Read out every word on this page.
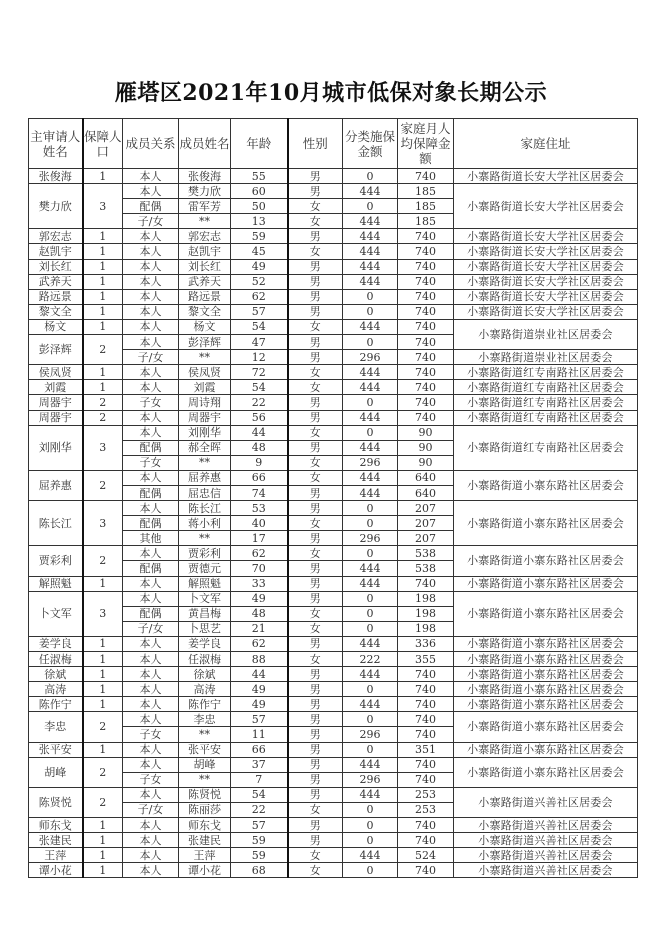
雁塔区2021年10月城市低保对象长期公示
主审请人姓名	保障人口	成员关系	成员姓名	年龄	性别	分类施保金额	家庭月人均保障金额	家庭住址
张俊海	1	本人	张俊海	55	男	0	740	小寨路街道长安大学社区居委会
樊力欣	3	本人	樊力欣	60	男	444	185	小寨路街道长安大学社区居委会
		配偶	雷军芳	50	女	0	185	
		子/女	**	13	女	444	185	
郭宏志	1	本人	郭宏志	59	男	444	740	小寨路街道长安大学社区居委会
赵凯宇	1	本人	赵凯宇	45	女	444	740	小寨路街道长安大学社区居委会
刘长红	1	本人	刘长红	49	男	444	740	小寨路街道长安大学社区居委会
武养天	1	本人	武养天	52	男	444	740	小寨路街道长安大学社区居委会
路远景	1	本人	路远景	62	男	0	740	小寨路街道长安大学社区居委会
黎文全	1	本人	黎文全	57	男	0	740	小寨路街道长安大学社区居委会
杨文	1	本人	杨文	54	女	444	740	小寨路街道崇业社区居委会
彭泽辉	2	本人	彭泽辉	47	男	0	740	
		子/女	**	12	男	296	740	小寨路街道崇业社区居委会
侯凤贤	1	本人	侯凤贤	72	女	444	740	小寨路街道红专南路社区居委会
刘霞	1	本人	刘霞	54	女	444	740	小寨路街道红专南路社区居委会
周器宇	2	子女	周诗翔	22	男	0	740	小寨路街道红专南路社区居委会
周器宇	2	本人	周器宇	56	男	444	740	小寨路街道红专南路社区居委会
刘刚华	3	本人	刘刚华	44	女	0	90	小寨路街道红专南路社区居委会
		配偶	郝全晖	48	男	444	90	
		子女	**	9	女	296	90	
屈养惠	2	本人	屈养惠	66	女	444	640	小寨路街道小寨东路社区居委会
		配偶	屈忠信	74	男	444	640	
陈长江	3	本人	陈长江	53	男	0	207	小寨路街道小寨东路社区居委会
		配偶	蒋小利	40	女	0	207	
		其他	**	17	男	296	207	
贾彩利	2	本人	贾彩利	62	女	0	538	小寨路街道小寨东路社区居委会
		配偶	贾德元	70	男	444	538	
解照魁	1	本人	解照魁	33	男	444	740	小寨路街道小寨东路社区居委会
卜文军	3	本人	卜文军	49	男	0	198	小寨路街道小寨东路社区居委会
		配偶	黄昌梅	48	女	0	198	
		子/女	卜思艺	21	女	0	198	
姜学良	1	本人	姜学良	62	男	444	336	小寨路街道小寨东路社区居委会
任淑梅	1	本人	任淑梅	88	女	222	355	小寨路街道小寨东路社区居委会
徐斌	1	本人	徐斌	44	男	444	740	小寨路街道小寨东路社区居委会
高涛	1	本人	高涛	49	男	0	740	小寨路街道小寨东路社区居委会
陈作宁	1	本人	陈作宁	49	男	444	740	小寨路街道小寨东路社区居委会
李忠	2	本人	李忠	57	男	0	740	小寨路街道小寨东路社区居委会
		子女	**	11	男	296	740	
张平安	1	本人	张平安	66	男	0	351	小寨路街道小寨东路社区居委会
胡峰	2	本人	胡峰	37	男	444	740	小寨路街道小寨东路社区居委会
		子女	**	7	男	296	740	
陈贤悦	2	本人	陈贤悦	54	男	444	253	小寨路街道兴善社区居委会
		子/女	陈丽莎	22	女	0	253	
师东戈	1	本人	师东戈	57	男	0	740	小寨路街道兴善社区居委会
张建民	1	本人	张建民	59	男	0	740	小寨路街道兴善社区居委会
王萍	1	本人	王萍	59	女	444	524	小寨路街道兴善社区居委会
谭小花	1	本人	谭小花	68	女	0	740	小寨路街道兴善社区居委会
